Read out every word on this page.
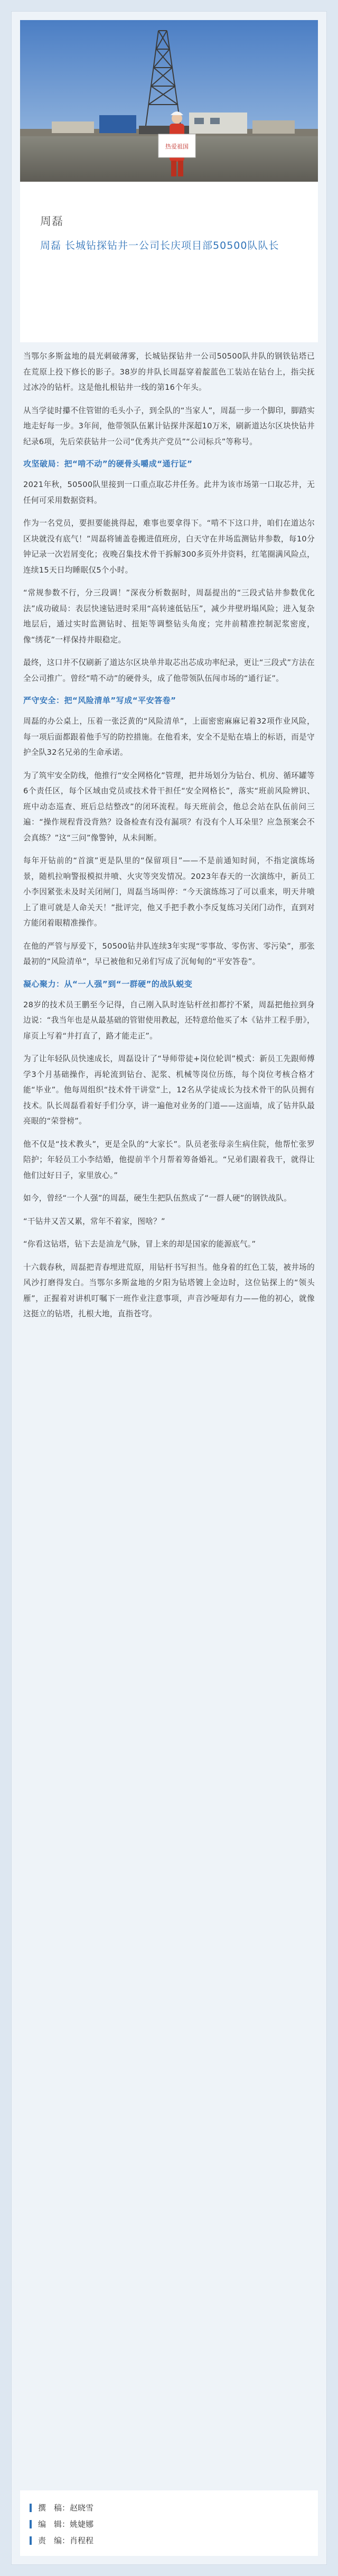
热爱祖国
周磊
周磊 长城钻探钻井一公司长庆项目部50500队队长

当鄂尔多斯盆地的晨光刺破薄雾，长城钻探钻井一公司50500队井队的钢铁钻塔已在荒原上投下修长的影子。38岁的井队长周磊穿着靛蓝色工装站在钻台上，指尖抚过冰冷的钻杆。这是他扎根钻井一线的第16个年头。

从当学徒时攥不住管钳的毛头小子，到全队的“当家人”，周磊一步一个脚印，脚踏实地走好每一步。3年间，他带领队伍累计钻探井深超10万米，刷新道达尔区块快钻井纪录6项，先后荣获钻井一公司“优秀共产党员”“公司标兵”等称号。

攻坚破局：把“啃不动”的硬骨头嚼成“通行证”

2021年秋，50500队里接到一口重点取芯井任务。此井为该市场第一口取芯井，无任何可采用数据资料。

作为一名党员，要担要能挑得起，难事也要拿得下。“啃不下这口井，咱们在道达尔区块就没有底气！”周磊将铺盖卷搬进值班房，白天守在井场监测钻井参数，每10分钟记录一次岩屑变化；夜晚召集技术骨干拆解300多页外井资料，红笔圈满风险点，连续15天日均睡眠仅5个小时。

“常规参数不行，分三段调！”深夜分析数据时，周磊提出的“三段式钻井参数优化法”成功破局：表层快速钻进时采用“高转速低钻压”，减少井壁坍塌风险；进入复杂地层后，通过实时监测钻时、扭矩等调整钻头角度；完井前精准控制泥浆密度，像“绣花”一样保持井眼稳定。

最终，这口井不仅刷新了道达尔区块单井取芯出芯成功率纪录，更让“三段式”方法在全公司推广。曾经“啃不动”的硬骨头，成了他带领队伍闯市场的“通行证”。

严守安全：把“风险清单”写成“平安答卷”

周磊的办公桌上，压着一张泛黄的“风险清单”，上面密密麻麻记着32项作业风险，每一项后面都跟着他手写的防控措施。在他看来，安全不是贴在墙上的标语，而是守护全队32名兄弟的生命承诺。

为了筑牢安全防线，他推行“安全网格化”管理，把井场划分为钻台、机房、循环罐等6个责任区，每个区域由党员或技术骨干担任“安全网格长”，落实“班前风险辨识、班中动态巡查、班后总结整改”的闭环流程。每天班前会，他总会站在队伍前问三遍：“操作规程背没背熟？设备检查有没有漏项？有没有个人耳朵里？应急预案会不会真练？”这“三问”像警钟，从未间断。

每年开钻前的“首演”更是队里的“保留项目”——不是前通知时间，不指定演练场景，随机拉响警报模拟井喷、火灾等突发情况。2023年春天的一次演练中，新员工小李因紧张未及时关闭闸门，周磊当场叫停：“今天演练练习了可以重来，明天井喷上了谁可就是人命关天！”批评完，他又手把手教小李反复练习关闭门动作，直到对方能闭着眼精准操作。

在他的严管与厚爱下，50500钻井队连续3年实现“零事故、零伤害、零污染”，那张最初的“风险清单”，早已被他和兄弟们写成了沉甸甸的“平安答卷”。

凝心聚力：从“一人强”到“一群硬”的战队蜕变

28岁的技术员王鹏至今记得，自己刚入队时连钻杆丝扣都拧不紧，周磊把他拉到身边说：“我当年也是从最基础的管钳使用教起，还特意给他买了本《钻井工程手册》，扉页上写着“井打直了，路才能走正”。

为了让年轻队员快速成长，周磊设计了“导师带徒+岗位轮训”模式：新员工先跟师傅学3个月基础操作，再轮流到钻台、泥浆、机械等岗位历练，每个岗位考核合格才能“毕业”。他每周组织“技术骨干讲堂”上，12名从学徒成长为技术骨干的队员拥有技术。队长周磊看着好手们分享，讲一遍他对业务的门道——这面墙，成了钻井队最亮眼的“荣誉榜”。

他不仅是“技术教头”，更是全队的“大家长”。队员老张母亲生病住院，他帮忙张罗陪护；年轻员工小李结婚，他提前半个月帮着筹备婚礼。“兄弟们跟着我干，就得让他们过好日子，家里放心。”

如今，曾经“一个人强”的周磊，硬生生把队伍熬成了“一群人硬”的钢铁战队。

“干钻井又苦又累，常年不着家，图啥？”

“你看这钻塔，钻下去是油龙气脉，冒上来的却是国家的能源底气。”

十六载春秋，周磊把青春埋进荒原，用钻杆书写担当。他身着的红色工装，被井场的风沙打磨得发白。当鄂尔多斯盆地的夕阳为钻塔镀上金边时，这位钻探上的“领头雁”，正握着对讲机叮嘱下一班作业注意事项，声音沙哑却有力——他的初心，就像这挺立的钻塔，扎根大地，直指苍穹。

撰　稿： 赵晓雪
编　辑： 姚婕娜
责　编： 肖程程
